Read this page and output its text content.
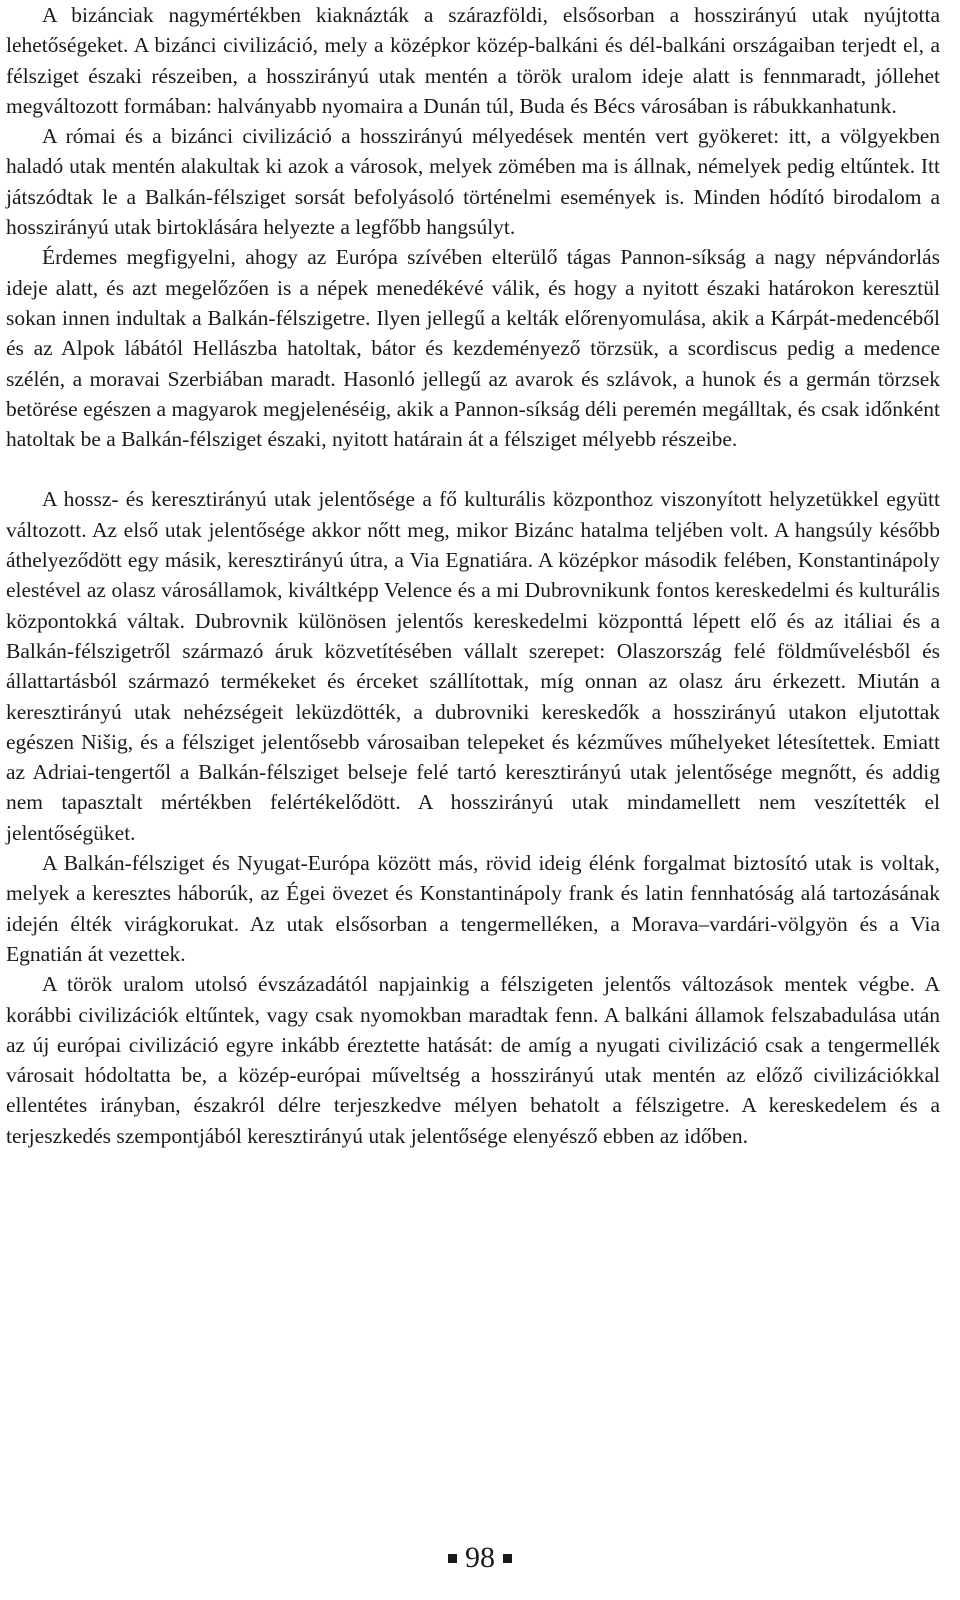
A bizánciak nagymértékben kiaknázták a szárazföldi, elsősorban a hosszirányú utak nyújtotta lehetőségeket. A bizánci civilizáció, mely a középkor közép-balkáni és dél-balkáni országaiban terjedt el, a félsziget északi részeiben, a hosszirányú utak mentén a török uralom ideje alatt is fennmaradt, jóllehet megváltozott formában: halványabb nyomaira a Dunán túl, Buda és Bécs városában is rábukkanhatunk.

A római és a bizánci civilizáció a hosszirányú mélyedések mentén vert gyökeret: itt, a völgyekben haladó utak mentén alakultak ki azok a városok, melyek zömében ma is állnak, némelyek pedig eltűntek. Itt játszódtak le a Balkán-félsziget sorsát befolyásoló történelmi események is. Minden hódító birodalom a hosszirányú utak birtoklására helyezte a legfőbb hangsúlyt.

Érdemes megfigyelni, ahogy az Európa szívében elterülő tágas Pannon-síkság a nagy népvándorlás ideje alatt, és azt megelőzően is a népek menedékévé válik, és hogy a nyitott északi határokon keresztül sokan innen indultak a Balkán-félszigetre. Ilyen jellegű a kelták előrenyomulása, akik a Kárpát-medencéből és az Alpok lábától Hellászba hatoltak, bátor és kezdeményező törzsük, a scordiscus pedig a medence szélén, a moravai Szerbiában maradt. Hasonló jellegű az avarok és szlávok, a hunok és a germán törzsek betörése egészen a magyarok megjelenéséig, akik a Pannon-síkság déli peremén megálltak, és csak időnként hatoltak be a Balkán-félsziget északi, nyitott határain át a félsziget mélyebb részeibe.

A hossz- és keresztirányú utak jelentősége a fő kulturális központhoz viszonyított helyzetükkel együtt változott. Az első utak jelentősége akkor nőtt meg, mikor Bizánc hatalma teljében volt. A hangsúly később áthelyeződött egy másik, keresztirányú útra, a Via Egnatiára. A középkor második felében, Konstantinápoly elestével az olasz városállamok, kiváltképp Velence és a mi Dubrovnikunk fontos kereskedelmi és kulturális központokká váltak. Dubrovnik különösen jelentős kereskedelmi központtá lépett elő és az itáliai és a Balkán-félszigetről származó áruk közvetítésében vállalt szerepet: Olaszország felé földművelésből és állattartásból származó termékeket és érceket szállítottak, míg onnan az olasz áru érkezett. Miután a keresztirányú utak nehézségeit leküzdötték, a dubrovniki kereskedők a hosszirányú utakon eljutottak egészen Nišig, és a félsziget jelentősebb városaiban telepeket és kézműves műhelyeket létesítettek. Emiatt az Adriai-tengertől a Balkán-félsziget belseje felé tartó keresztirányú utak jelentősége megnőtt, és addig nem tapasztalt mértékben felértékelődött. A hosszirányú utak mindamellett nem veszítették el jelentőségüket.

A Balkán-félsziget és Nyugat-Európa között más, rövid ideig élénk forgalmat biztosító utak is voltak, melyek a keresztes háborúk, az Égei övezet és Konstantinápoly frank és latin fennhatóság alá tartozásának idején élték virágkorukat. Az utak elsősorban a tengermelléken, a Morava–vardári-völgyön és a Via Egnatián át vezettek.

A török uralom utolsó évszázadától napjainkig a félszigeten jelentős változások mentek végbe. A korábbi civilizációk eltűntek, vagy csak nyomokban maradtak fenn. A balkáni államok felszabadulása után az új európai civilizáció egyre inkább éreztette hatását: de amíg a nyugati civilizáció csak a tengermellék városait hódoltatta be, a közép-európai műveltség a hosszirányú utak mentén az előző civilizációkkal ellentétes irányban, északról délre terjeszkedve mélyen behatolt a félszigetre. A kereskedelem és a terjeszkedés szempontjából keresztirányú utak jelentősége elenyésző ebben az időben.

98
